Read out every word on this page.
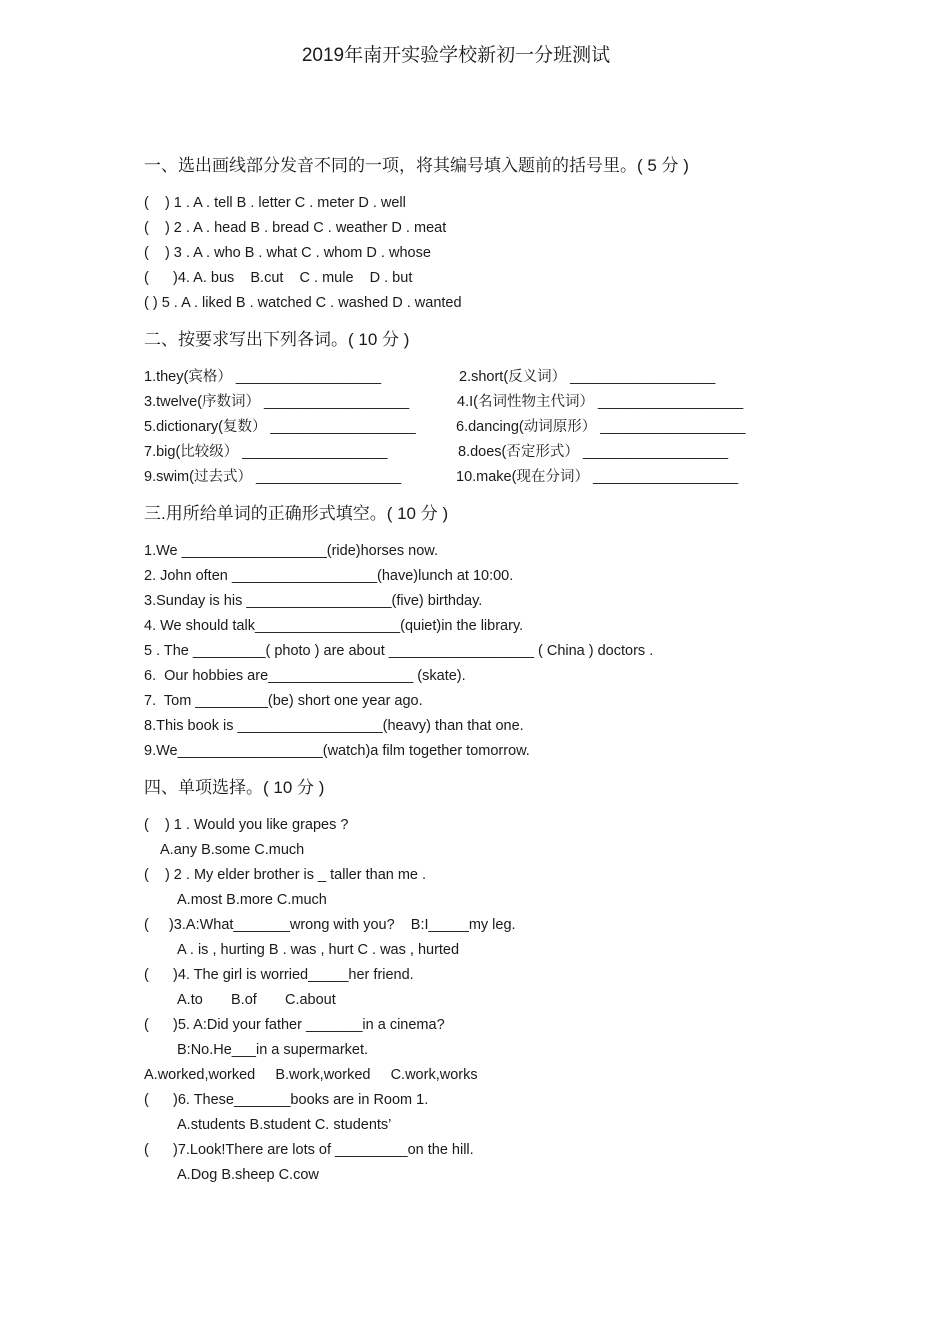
2019年南开实验学校新初一分班测试
一、选出画线部分发音不同的一项，将其编号填入题前的括号里。( 5 分 )
(    ) 1 . A . tell B . letter C . meter D . well
(    ) 2 . A . head B . bread C . weather D . meat
(    ) 3 . A . who B . what C . whom D . whose
(      )4. A. bus    B.cut    C . mule    D . but
( ) 5 . A . liked B . watched C . washed D . wanted
二、按要求写出下列各词。( 10 分 )
1.they(宾格） __________________	2.short(反义词） __________________
3.twelve(序数词） __________________	4.I(名词性物主代词） __________________
5.dictionary(复数） __________________	6.dancing(动词原形） __________________
7.big(比较级） __________________	8.does(否定形式） __________________
9.swim(过去式） __________________	10.make(现在分词） __________________
三.用所给单词的正确形式填空。( 10 分 )
1.We __________________(ride)horses now.
2. John often __________________(have)lunch at 10:00.
3.Sunday is his __________________(five) birthday.
4. We should talk__________________(quiet)in the library.
5 . The _________( photo ) are about __________________ ( China ) doctors .
6.  Our hobbies are__________________ (skate).
7.  Tom _________(be) short one year ago.
8.This book is __________________(heavy) than that one.
9.We__________________(watch)a film together tomorrow.
四、单项选择。( 10 分 )
(    ) 1 . Would you like grapes ?
A.any B.some C.much
(    ) 2 . My elder brother is _ taller than me .
A.most B.more C.much
(     )3.A:What_______wrong with you?    B:I_____my leg.
A . is , hurting B . was , hurt C . was , hurted
(      )4. The girl is worried_____her friend.
A.to       B.of       C.about
(      )5. A:Did your father _______in a cinema?
B:No.He___in a supermarket.
A.worked,worked     B.work,worked     C.work,works
(      )6. These_______books are in Room 1.
A.students B.student C. students’
(      )7.Look!There are lots of _________on the hill.
A.Dog B.sheep C.cow
